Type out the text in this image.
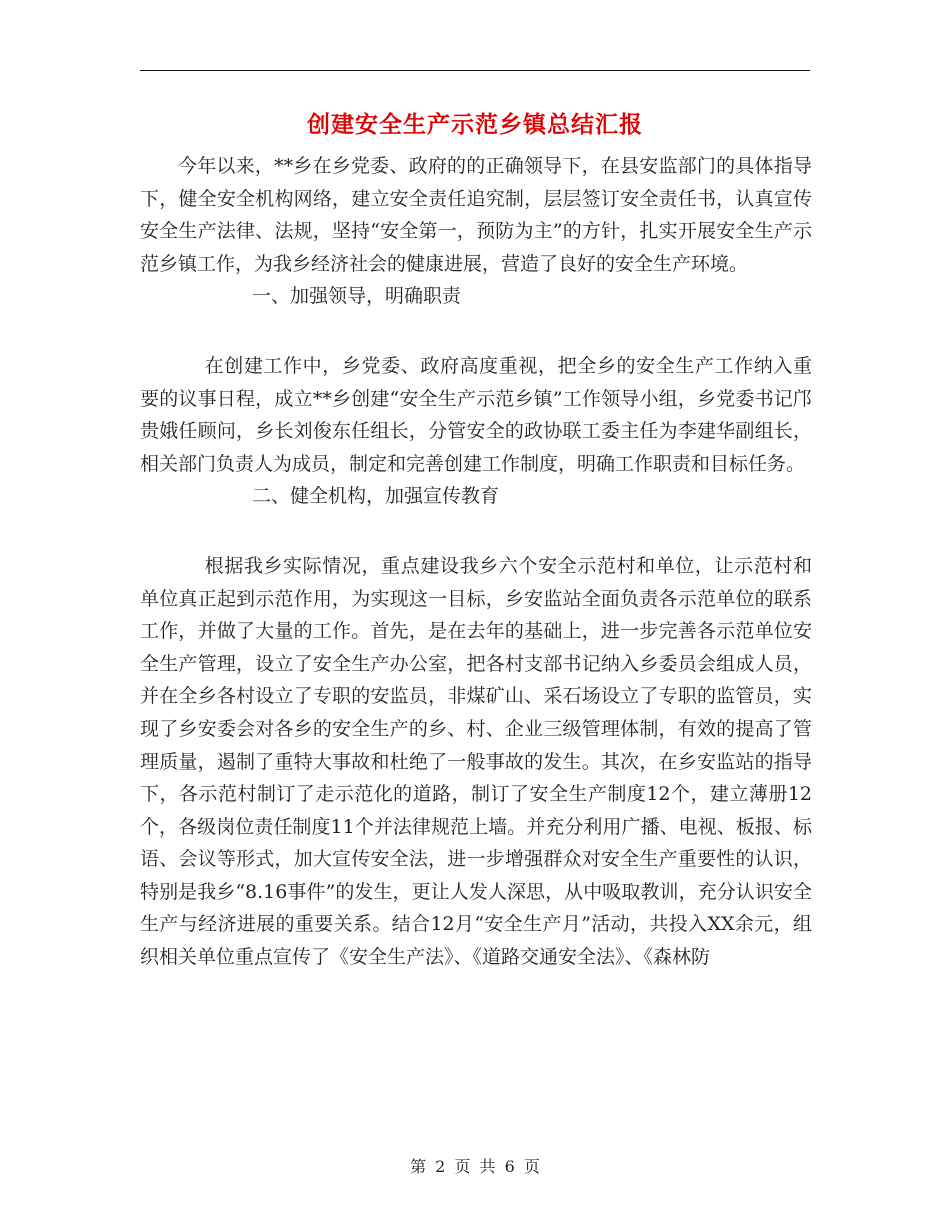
创建安全生产示范乡镇总结汇报

今年以来，**乡在乡党委、政府的的正确领导下，在县安监部门的具体指导下，健全安全机构网络，建立安全责任追究制，层层签订安全责任书，认真宣传安全生产法律、法规，坚持“安全第一，预防为主”的方针，扎实开展安全生产示范乡镇工作，为我乡经济社会的健康进展，营造了良好的安全生产环境。

一、加强领导，明确职责

在创建工作中，乡党委、政府高度重视，把全乡的安全生产工作纳入重要的议事日程，成立**乡创建“安全生产示范乡镇”工作领导小组，乡党委书记邝贵娥任顾问，乡长刘俊东任组长，分管安全的政协联工委主任为李建华副组长，相关部门负责人为成员，制定和完善创建工作制度，明确工作职责和目标任务。

二、健全机构，加强宣传教育

根据我乡实际情况，重点建设我乡六个安全示范村和单位，让示范村和单位真正起到示范作用，为实现这一目标，乡安监站全面负责各示范单位的联系工作，并做了大量的工作。首先，是在去年的基础上，进一步完善各示范单位安全生产管理，设立了安全生产办公室，把各村支部书记纳入乡委员会组成人员，并在全乡各村设立了专职的安监员，非煤矿山、采石场设立了专职的监管员，实现了乡安委会对各乡的安全生产的乡、村、企业三级管理体制，有效的提高了管理质量，遏制了重特大事故和杜绝了一般事故的发生。其次，在乡安监站的指导下，各示范村制订了走示范化的道路，制订了安全生产制度12个，建立薄册12个，各级岗位责任制度11个并法律规范上墙。并充分利用广播、电视、板报、标语、会议等形式，加大宣传安全法，进一步增强群众对安全生产重要性的认识，特别是我乡“8.16事件”的发生，更让人发人深思，从中吸取教训，充分认识安全生产与经济进展的重要关系。结合12月“安全生产月”活动，共投入XX余元，组织相关单位重点宣传了《安全生产法》、《道路交通安全法》、《森林防

第 2 页 共 6 页
